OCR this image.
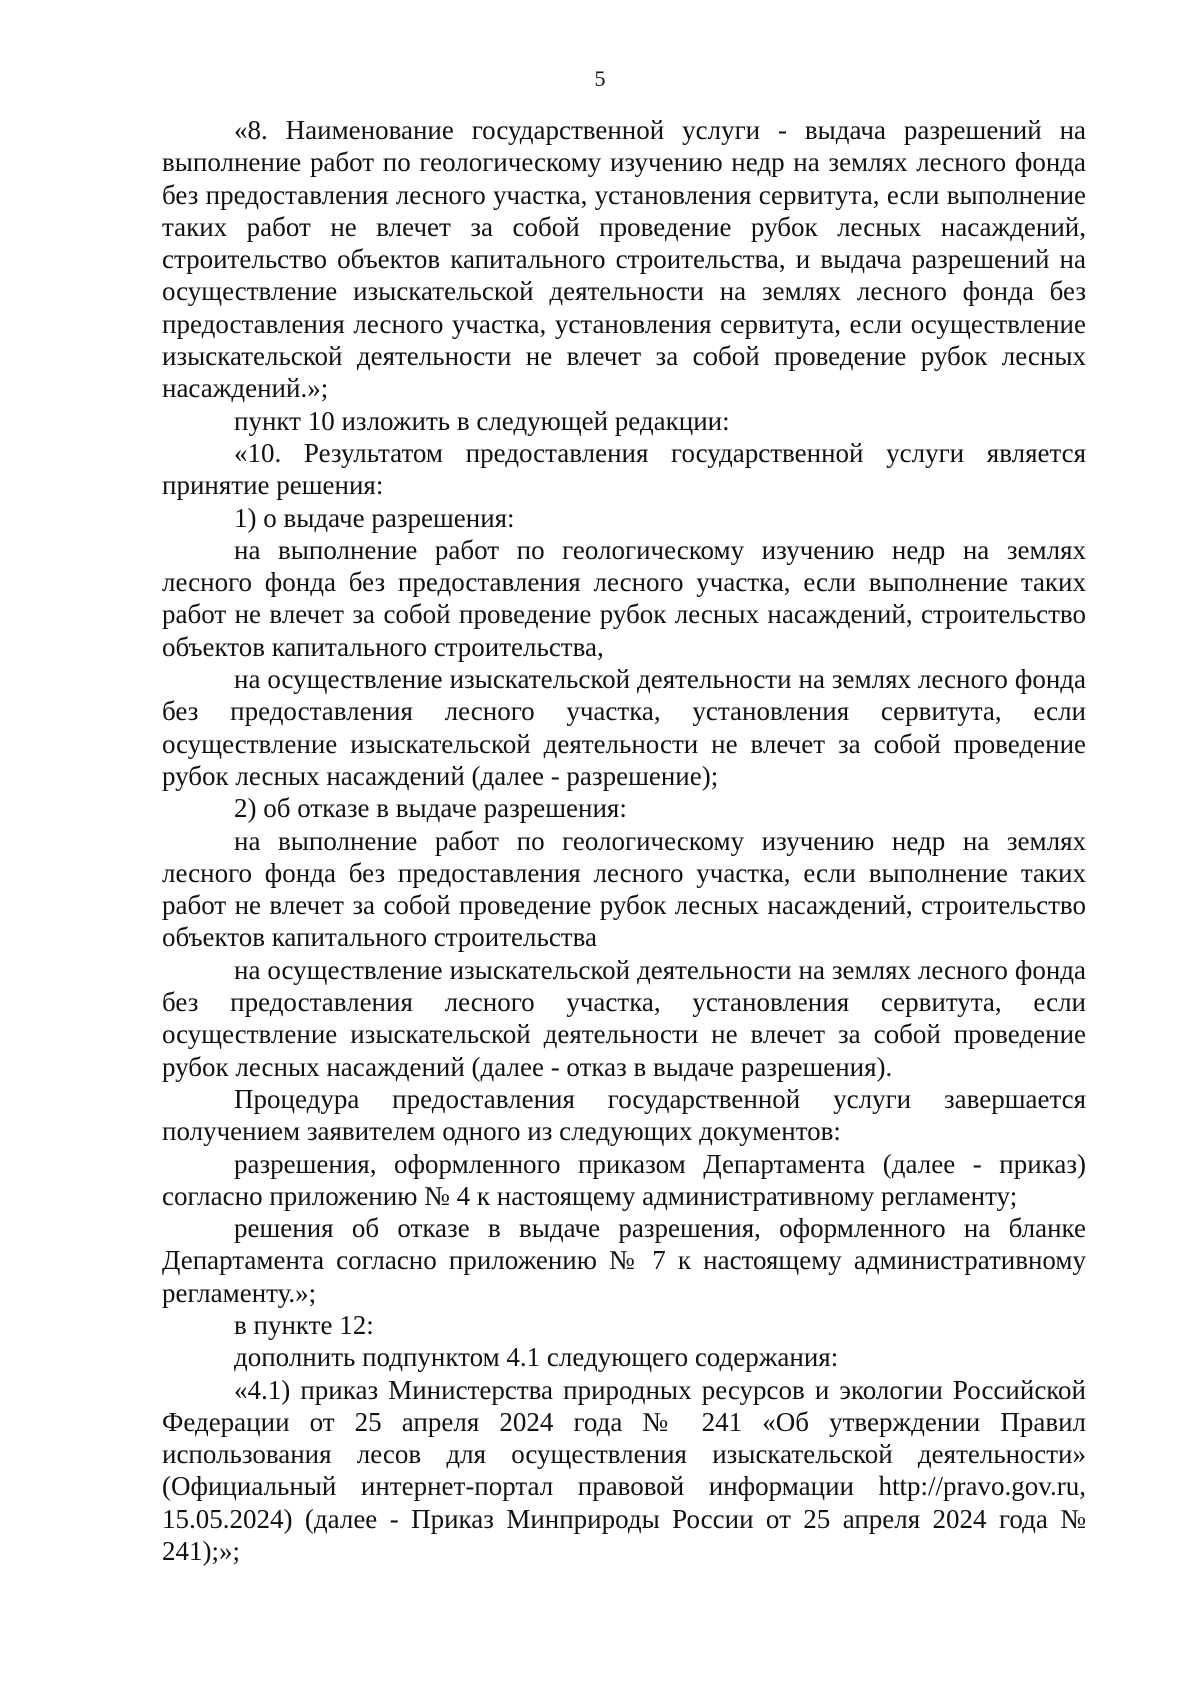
5

«8. Наименование государственной услуги - выдача разрешений на выполнение работ по геологическому изучению недр на землях лесного фонда без предоставления лесного участка, установления сервитута, если выполнение таких работ не влечет за собой проведение рубок лесных насаждений, строительство объектов капитального строительства, и выдача разрешений на осуществление изыскательской деятельности на землях лесного фонда без предоставления лесного участка, установления сервитута, если осуществление изыскательской деятельности не влечет за собой проведение рубок лесных насаждений.»;

пункт 10 изложить в следующей редакции:

«10. Результатом предоставления государственной услуги является принятие решения:

1) о выдаче разрешения:

на выполнение работ по геологическому изучению недр на землях лесного фонда без предоставления лесного участка, если выполнение таких работ не влечет за собой проведение рубок лесных насаждений, строительство объектов капитального строительства,

на осуществление изыскательской деятельности на землях лесного фонда без предоставления лесного участка, установления сервитута, если осуществление изыскательской деятельности не влечет за собой проведение рубок лесных насаждений (далее - разрешение);

2) об отказе в выдаче разрешения:

на выполнение работ по геологическому изучению недр на землях лесного фонда без предоставления лесного участка, если выполнение таких работ не влечет за собой проведение рубок лесных насаждений, строительство объектов капитального строительства

на осуществление изыскательской деятельности на землях лесного фонда без предоставления лесного участка, установления сервитута, если осуществление изыскательской деятельности не влечет за собой проведение рубок лесных насаждений (далее - отказ в выдаче разрешения).

Процедура предоставления государственной услуги завершается получением заявителем одного из следующих документов:

разрешения, оформленного приказом Департамента (далее - приказ) согласно приложению № 4 к настоящему административному регламенту;

решения об отказе в выдаче разрешения, оформленного на бланке Департамента согласно приложению № 7 к настоящему административному регламенту.»;

в пункте 12:

дополнить подпунктом 4.1 следующего содержания:

«4.1) приказ Министерства природных ресурсов и экологии Российской Федерации от 25 апреля 2024 года № 241 «Об утверждении Правил использования лесов для осуществления изыскательской деятельности» (Официальный интернет-портал правовой информации http://pravo.gov.ru, 15.05.2024) (далее - Приказ Минприроды России от 25 апреля 2024 года № 241);»;
